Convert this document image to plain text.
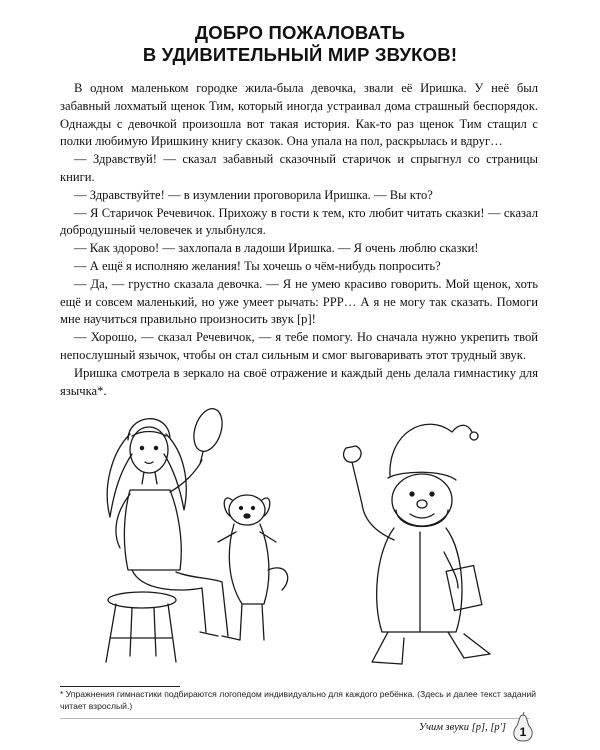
ДОБРО ПОЖАЛОВАТЬ
В УДИВИТЕЛЬНЫЙ МИР ЗВУКОВ!

В одном маленьком городке жила-была девочка, звали её Иришка. У неё был забавный лохматый щенок Тим, который иногда устраивал дома страшный беспорядок. Однажды с девочкой произошла вот такая история. Как-то раз щенок Тим стащил с полки любимую Иришкину книгу сказок. Она упала на пол, раскрылась и вдруг…

— Здравствуй! — сказал забавный сказочный старичок и спрыгнул со страницы книги.

— Здравствуйте! — в изумлении проговорила Иришка. — Вы кто?

— Я Старичок Речевичок. Прихожу в гости к тем, кто любит читать сказки! — сказал добродушный человечек и улыбнулся.

— Как здорово! — захлопала в ладоши Иришка. — Я очень люблю сказки!

— А ещё я исполняю желания! Ты хочешь о чём-нибудь попросить?

— Да, — грустно сказала девочка. — Я не умею красиво говорить. Мой щенок, хоть ещё и совсем маленький, но уже умеет рычать: РРР… А я не могу так сказать. Помоги мне научиться правильно произносить звук [р]!

— Хорошо, — сказал Речевичок, — я тебе помогу. Но сначала нужно укрепить твой непослушный язычок, чтобы он стал сильным и смог выговаривать этот трудный звук.

Иришка смотрела в зеркало на своё отражение и каждый день делала гимнастику для язычка*.

* Упражнения гимнастики подбираются логопедом индивидуально для каждого ребёнка. (Здесь и далее текст заданий читает взрослый.)
Учим звуки [р], [р']	1
